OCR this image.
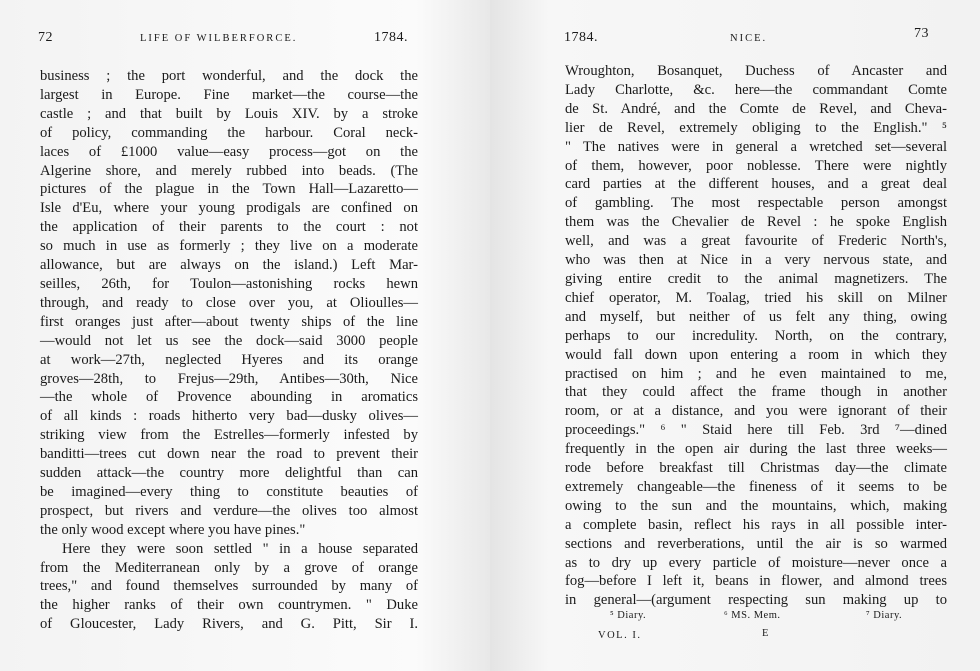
72	LIFE OF WILBERFORCE.	1784.
business ; the port wonderful, and the dock the
largest in Europe. Fine market—the course—the
castle ; and that built by Louis XIV. by a stroke
of policy, commanding the harbour. Coral neck-
laces of £1000 value—easy process—got on the
Algerine shore, and merely rubbed into beads. (The
pictures of the plague in the Town Hall—Lazaretto—
Isle d'Eu, where your young prodigals are confined on
the application of their parents to the court : not
so much in use as formerly ; they live on a moderate
allowance, but are always on the island.) Left Mar-
seilles, 26th, for Toulon—astonishing rocks hewn
through, and ready to close over you, at Olioulles—
first oranges just after—about twenty ships of the line
—would not let us see the dock—said 3000 people
at work—27th, neglected Hyeres and its orange
groves—28th, to Frejus—29th, Antibes—30th, Nice
—the whole of Provence abounding in aromatics
of all kinds : roads hitherto very bad—dusky olives—
striking view from the Estrelles—formerly infested by
banditti—trees cut down near the road to prevent their
sudden attack—the country more delightful than can
be imagined—every thing to constitute beauties of
prospect, but rivers and verdure—the olives too almost
the only wood except where you have pines."
Here they were soon settled " in a house separated
from the Mediterranean only by a grove of orange
trees," and found themselves surrounded by many of
the higher ranks of their own countrymen. " Duke
of Gloucester, Lady Rivers, and G. Pitt, Sir I.
1784.	NICE.	73
Wroughton, Bosanquet, Duchess of Ancaster and
Lady Charlotte, &c. here—the commandant Comte
de St. André, and the Comte de Revel, and Cheva-
lier de Revel, extremely obliging to the English." ⁵
" The natives were in general a wretched set—several
of them, however, poor noblesse. There were nightly
card parties at the different houses, and a great deal
of gambling. The most respectable person amongst
them was the Chevalier de Revel : he spoke English
well, and was a great favourite of Frederic North's,
who was then at Nice in a very nervous state, and
giving entire credit to the animal magnetizers. The
chief operator, M. Toalag, tried his skill on Milner
and myself, but neither of us felt any thing, owing
perhaps to our incredulity. North, on the contrary,
would fall down upon entering a room in which they
practised on him ; and he even maintained to me,
that they could affect the frame though in another
room, or at a distance, and you were ignorant of their
proceedings." ⁶ " Staid here till Feb. 3rd ⁷—dined
frequently in the open air during the last three weeks—
rode before breakfast till Christmas day—the climate
extremely changeable—the fineness of it seems to be
owing to the sun and the mountains, which, making
a complete basin, reflect his rays in all possible inter-
sections and reverberations, until the air is so warmed
as to dry up every particle of moisture—never once a
fog—before I left it, beans in flower, and almond trees
in general—(argument respecting sun making up to
⁵ Diary.	⁶ MS. Mem.	⁷ Diary.
VOL. I.	E
